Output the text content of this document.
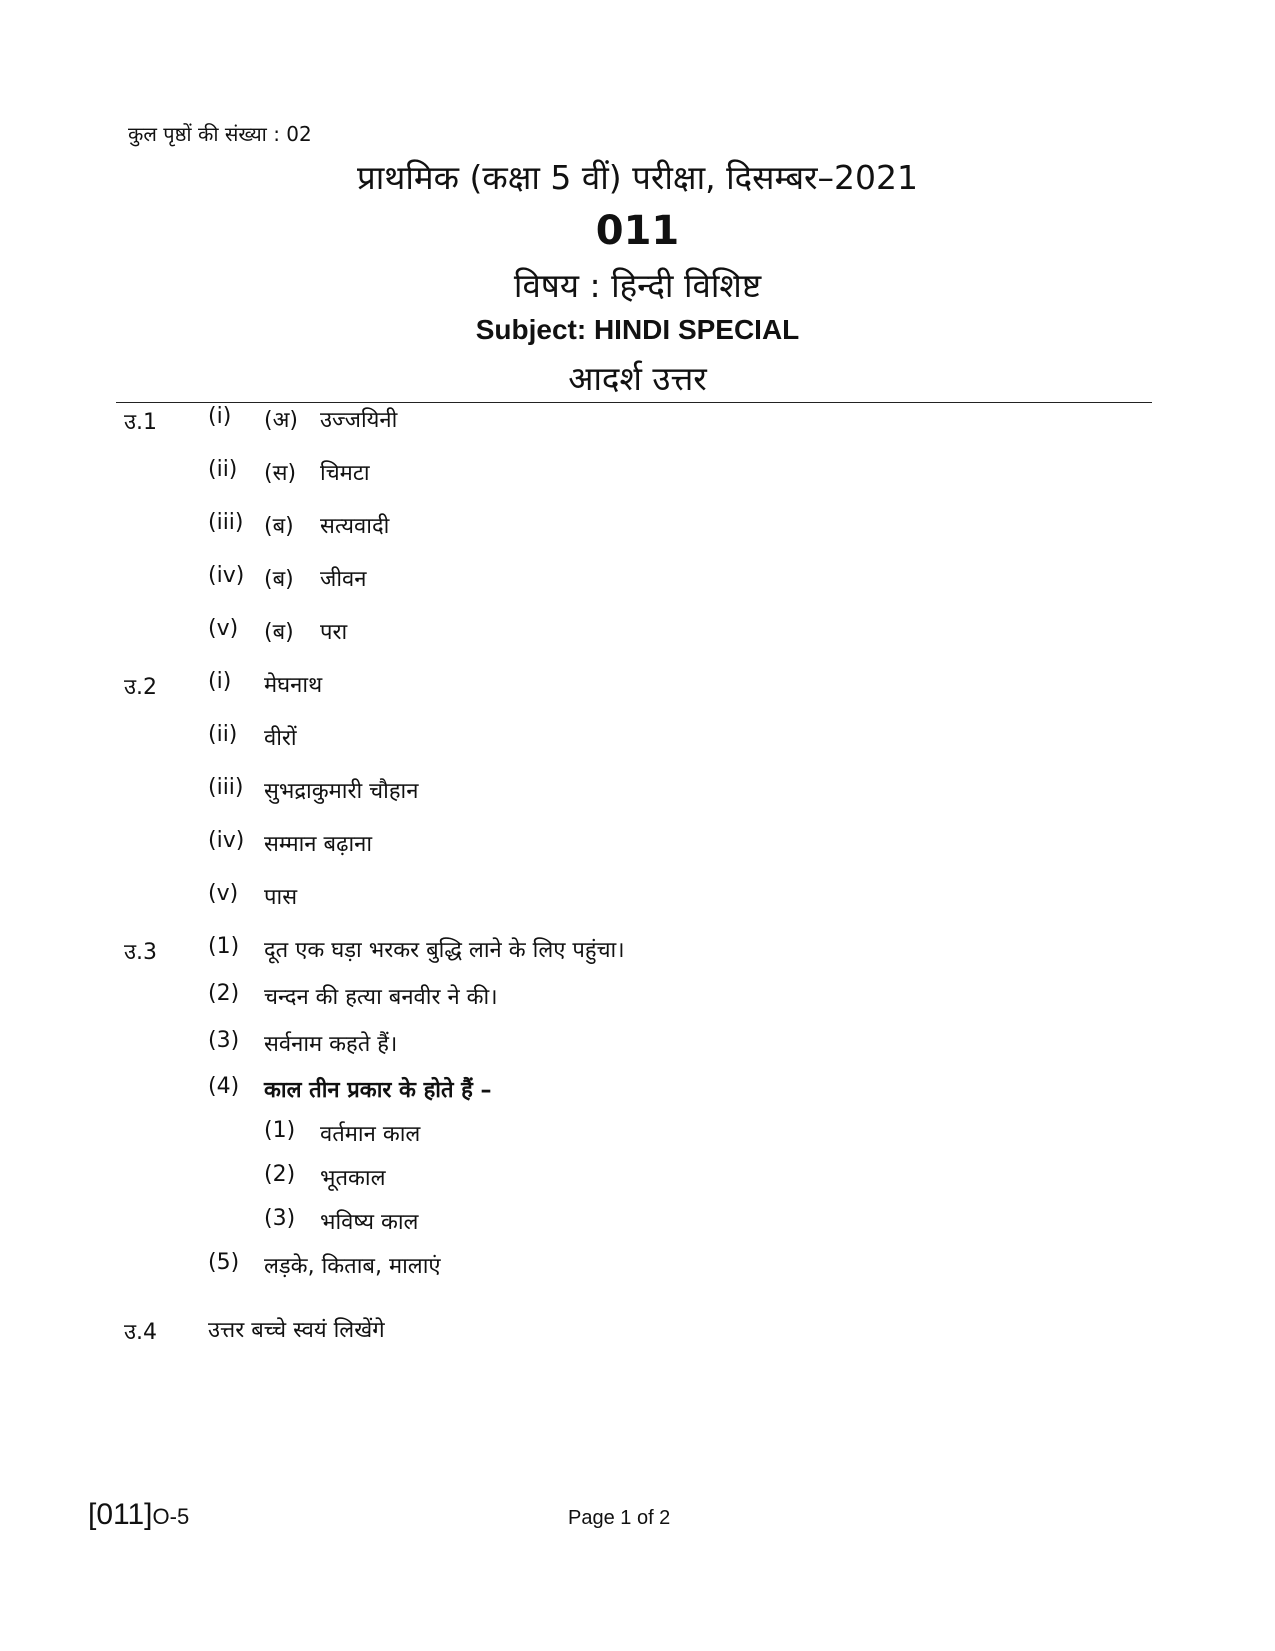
कुल पृष्ठों की संख्या : 02
प्राथमिक (कक्षा 5 वीं) परीक्षा, दिसम्बर–2021
011
विषय : हिन्दी विशिष्ट
Subject: HINDI SPECIAL
आदर्श उत्तर
उ.1 (i) (अ) उज्जयिनी
(ii) (स) चिमटा
(iii) (ब) सत्यवादी
(iv) (ब) जीवन
(v) (ब) परा
उ.2 (i) मेघनाथ
(ii) वीरों
(iii) सुभद्राकुमारी चौहान
(iv) सम्मान बढ़ाना
(v) पास
उ.3 (1) दूत एक घड़ा भरकर बुद्धि लाने के लिए पहुंचा।
(2) चन्दन की हत्या बनवीर ने की।
(3) सर्वनाम कहते हैं।
(4) काल तीन प्रकार के होते हैं –
(1) वर्तमान काल
(2) भूतकाल
(3) भविष्य काल
(5) लड़के, किताब, मालाएं
उ.4 उत्तर बच्चे स्वयं लिखेंगे
[011]O-5	Page 1 of 2
